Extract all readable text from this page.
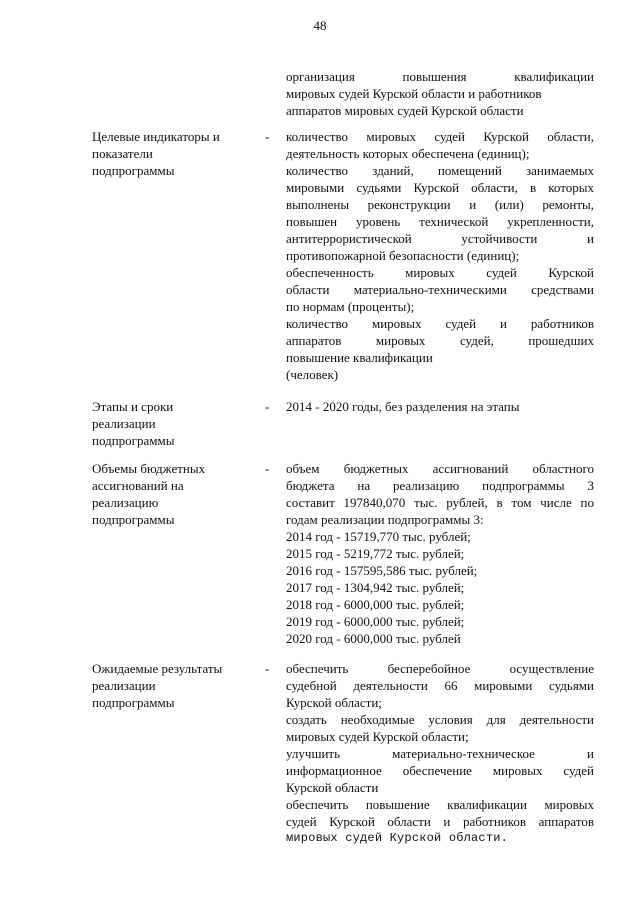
48

организация повышения квалификации

мировых судей Курской области и работников

аппаратов мировых судей Курской области

Целевые индикаторы и
показатели
подпрограммы
-	количество мировых судей Курской области,

деятельность которых обеспечена (единиц);

количество зданий, помещений занимаемых

мировыми судьями Курской области, в которых

выполнены реконструкции и (или) ремонты,

повышен уровень технической укрепленности,

антитеррористической устойчивости и

противопожарной безопасности (единиц);

обеспеченность мировых судей Курской

области материально-техническими средствами

по нормам (проценты);

количество мировых судей и работников

аппаратов мировых судей, прошедших

повышение квалификации

(человек)

Этапы и сроки
реализации
подпрограммы
-	2014 - 2020 годы, без разделения на этапы

Объемы бюджетных
ассигнований на
реализацию
подпрограммы
-	объем бюджетных ассигнований областного

бюджета на реализацию подпрограммы 3

составит 197840,070 тыс. рублей, в том числе по

годам реализации подпрограммы 3:

2014 год - 15719,770 тыс. рублей;

2015 год - 5219,772 тыс. рублей;

2016 год - 157595,586 тыс. рублей;

2017 год - 1304,942 тыс. рублей;

2018 год - 6000,000 тыс. рублей;

2019 год - 6000,000 тыс. рублей;

2020 год - 6000,000 тыс. рублей

Ожидаемые результаты
реализации
подпрограммы
-	обеспечить бесперебойное осуществление

судебной деятельности 66 мировыми судьями

Курской области;

создать необходимые условия для деятельности

мировых судей Курской области;

улучшить материально-техническое и

информационное обеспечение мировых судей

Курской области

обеспечить повышение квалификации мировых

судей Курской области и работников аппаратов

мировых судей Курской области.
